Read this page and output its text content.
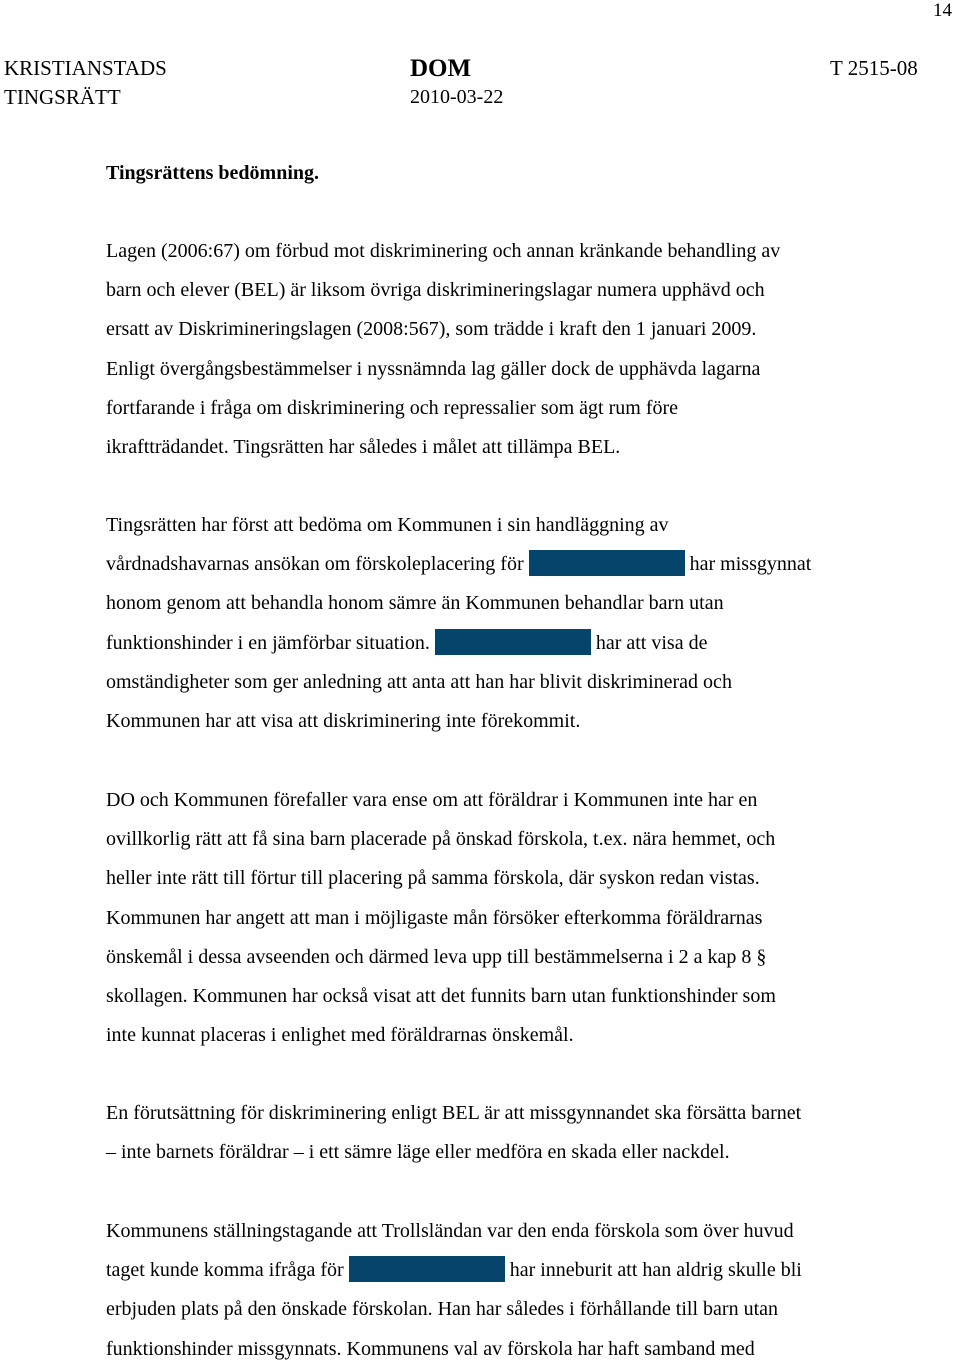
14
KRISTIANSTADS
TINGSRÄTT
DOM
2010-03-22
T 2515-08
Tingsrättens bedömning.
Lagen (2006:67) om förbud mot diskriminering och annan kränkande behandling av
barn och elever (BEL) är liksom övriga diskrimineringslagar numera upphävd och
ersatt av Diskrimineringslagen (2008:567), som trädde i kraft den 1 januari 2009.
Enligt övergångsbestämmelser i nyssnämnda lag gäller dock de upphävda lagarna
fortfarande i fråga om diskriminering och repressalier som ägt rum före
ikraftträdandet. Tingsrätten har således i målet att tillämpa BEL.
Tingsrätten har först att bedöma om Kommunen i sin handläggning av
vårdnadshavarnas ansökan om förskoleplacering för	har missgynnat
honom genom att behandla honom sämre än Kommunen behandlar barn utan
funktionshinder i en jämförbar situation.	har att visa de
omständigheter som ger anledning att anta att han har blivit diskriminerad och
Kommunen har att visa att diskriminering inte förekommit.
DO och Kommunen förefaller vara ense om att föräldrar i Kommunen inte har en
ovillkorlig rätt att få sina barn placerade på önskad förskola, t.ex. nära hemmet, och
heller inte rätt till förtur till placering på samma förskola, där syskon redan vistas.
Kommunen har angett att man i möjligaste mån försöker efterkomma föräldrarnas
önskemål i dessa avseenden och därmed leva upp till bestämmelserna i 2 a kap 8 §
skollagen. Kommunen har också visat att det funnits barn utan funktionshinder som
inte kunnat placeras i enlighet med föräldrarnas önskemål.
En förutsättning för diskriminering enligt BEL är att missgynnandet ska försätta barnet
– inte barnets föräldrar – i ett sämre läge eller medföra en skada eller nackdel.
Kommunens ställningstagande att Trollsländan var den enda förskola som över huvud
taget kunde komma ifråga för	har inneburit att han aldrig skulle bli
erbjuden plats på den önskade förskolan. Han har således i förhållande till barn utan
funktionshinder missgynnats. Kommunens val av förskola har haft samband med
